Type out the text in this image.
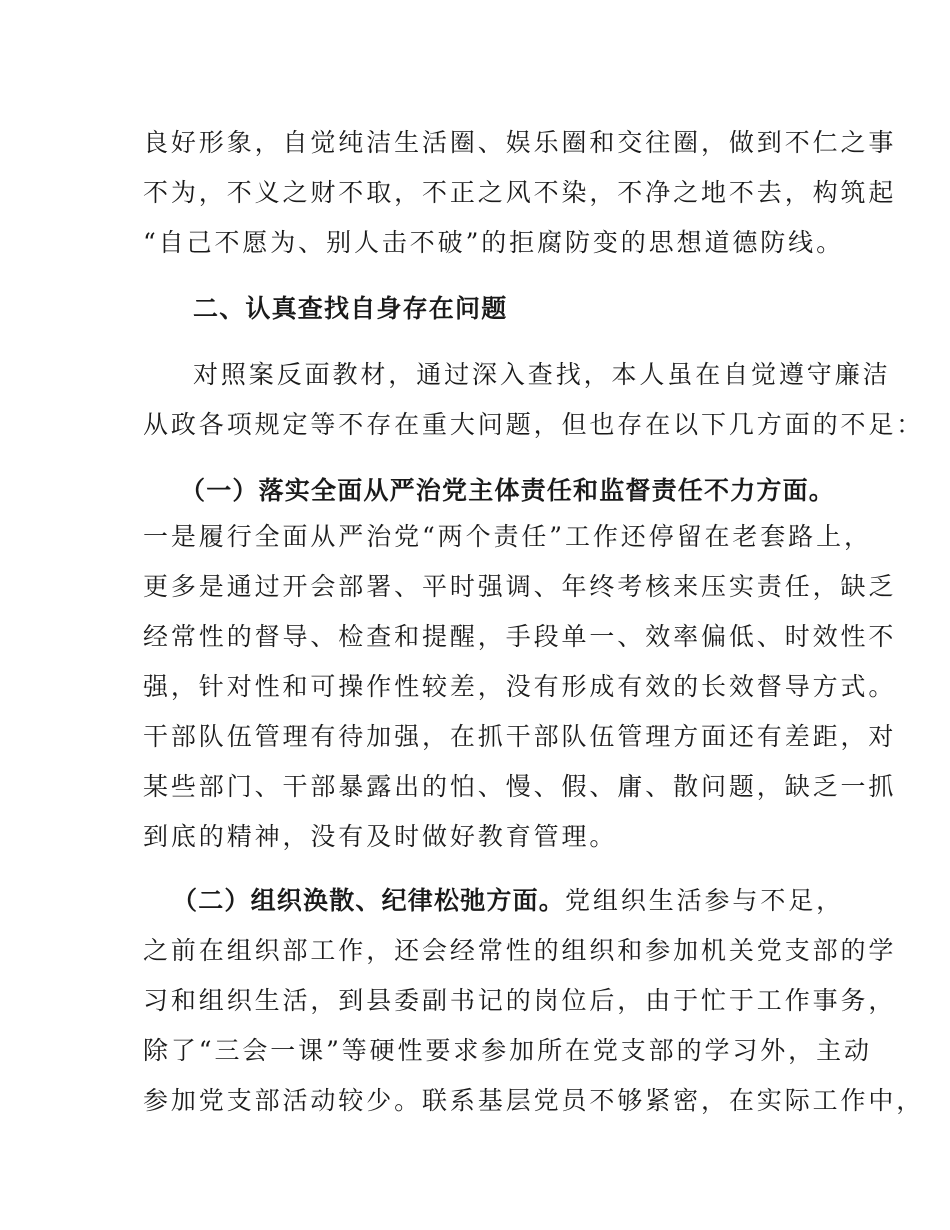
良好形象，自觉纯洁生活圈、娱乐圈和交往圈，做到不仁之事
不为，不义之财不取，不正之风不染，不净之地不去，构筑起
“自己不愿为、别人击不破”的拒腐防变的思想道德防线。
二、认真查找自身存在问题
对照案反面教材，通过深入查找，本人虽在自觉遵守廉洁
从政各项规定等不存在重大问题，但也存在以下几方面的不足：
（一）落实全面从严治党主体责任和监督责任不力方面。
一是履行全面从严治党“两个责任”工作还停留在老套路上，
更多是通过开会部署、平时强调、年终考核来压实责任，缺乏
经常性的督导、检查和提醒，手段单一、效率偏低、时效性不
强，针对性和可操作性较差，没有形成有效的长效督导方式。
干部队伍管理有待加强，在抓干部队伍管理方面还有差距，对
某些部门、干部暴露出的怕、慢、假、庸、散问题，缺乏一抓
到底的精神，没有及时做好教育管理。
（二）组织涣散、纪律松弛方面。党组织生活参与不足，
之前在组织部工作，还会经常性的组织和参加机关党支部的学
习和组织生活，到县委副书记的岗位后，由于忙于工作事务，
除了“三会一课”等硬性要求参加所在党支部的学习外，主动
参加党支部活动较少。联系基层党员不够紧密，在实际工作中，
